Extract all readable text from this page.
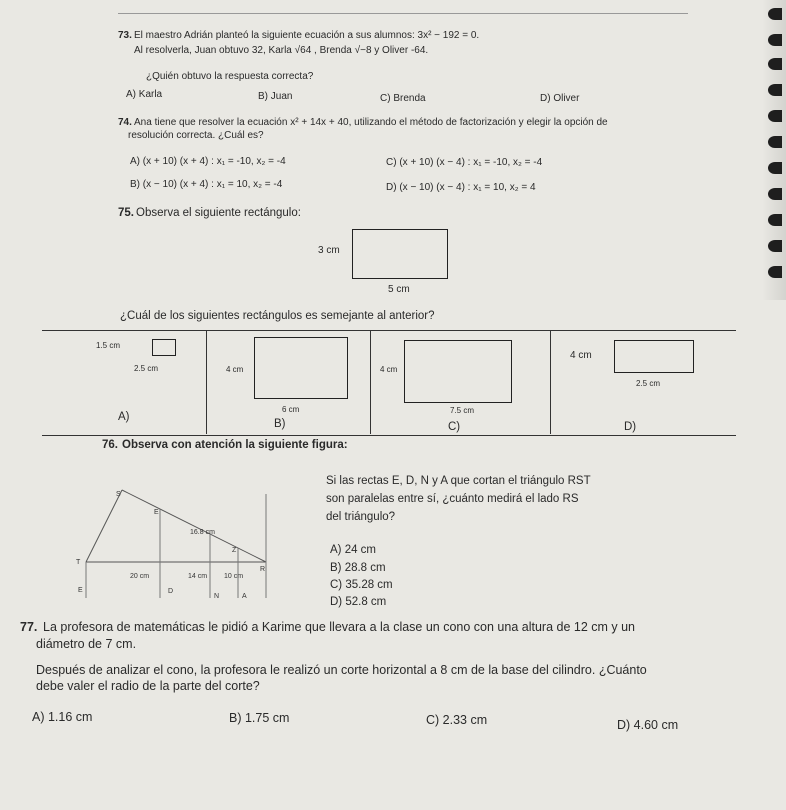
73. El maestro Adrián planteó la siguiente ecuación a sus alumnos: 3x² − 192 = 0.
Al resolverla, Juan obtuvo 32, Karla √64 , Brenda √−8 y Oliver -64.
¿Quién obtuvo la respuesta correcta?
A) Karla	B) Juan	C) Brenda	D) Oliver
74. Ana tiene que resolver la ecuación x² + 14x + 40, utilizando el método de factorización y elegir la opción de
resolución correcta. ¿Cuál es?
A) (x + 10) (x + 4) : x₁ = -10, x₂ = -4	C) (x + 10) (x − 4) : x₁ = -10, x₂ = -4
B) (x − 10) (x + 4) : x₁ = 10, x₂ = -4	D) (x − 10) (x − 4) : x₁ = 10, x₂ = 4
75. Observa el siguiente rectángulo:
3 cm
5 cm
¿Cuál de los siguientes rectángulos es semejante al anterior?
1.5 cm
2.5 cm
A)
4 cm
6 cm
B)
4 cm
7.5 cm
C)
4 cm
2.5 cm
D)
76. Observa con atención la siguiente figura:
S
E
16.8 cm
Z
T
R
20 cm	14 cm 10 cm
E	D
N	A
Si las rectas E, D, N y A que cortan el triángulo RST
son paralelas entre sí, ¿cuánto medirá el lado RS
del triángulo?
A) 24 cm
B) 28.8 cm
C) 35.28 cm
D) 52.8 cm
77. La profesora de matemáticas le pidió a Karime que llevara a la clase un cono con una altura de 12 cm y un
diámetro de 7 cm.
Después de analizar el cono, la profesora le realizó un corte horizontal a 8 cm de la base del cilindro. ¿Cuánto
debe valer el radio de la parte del corte?
A) 1.16 cm	B) 1.75 cm	C) 2.33 cm	D) 4.60 cm
